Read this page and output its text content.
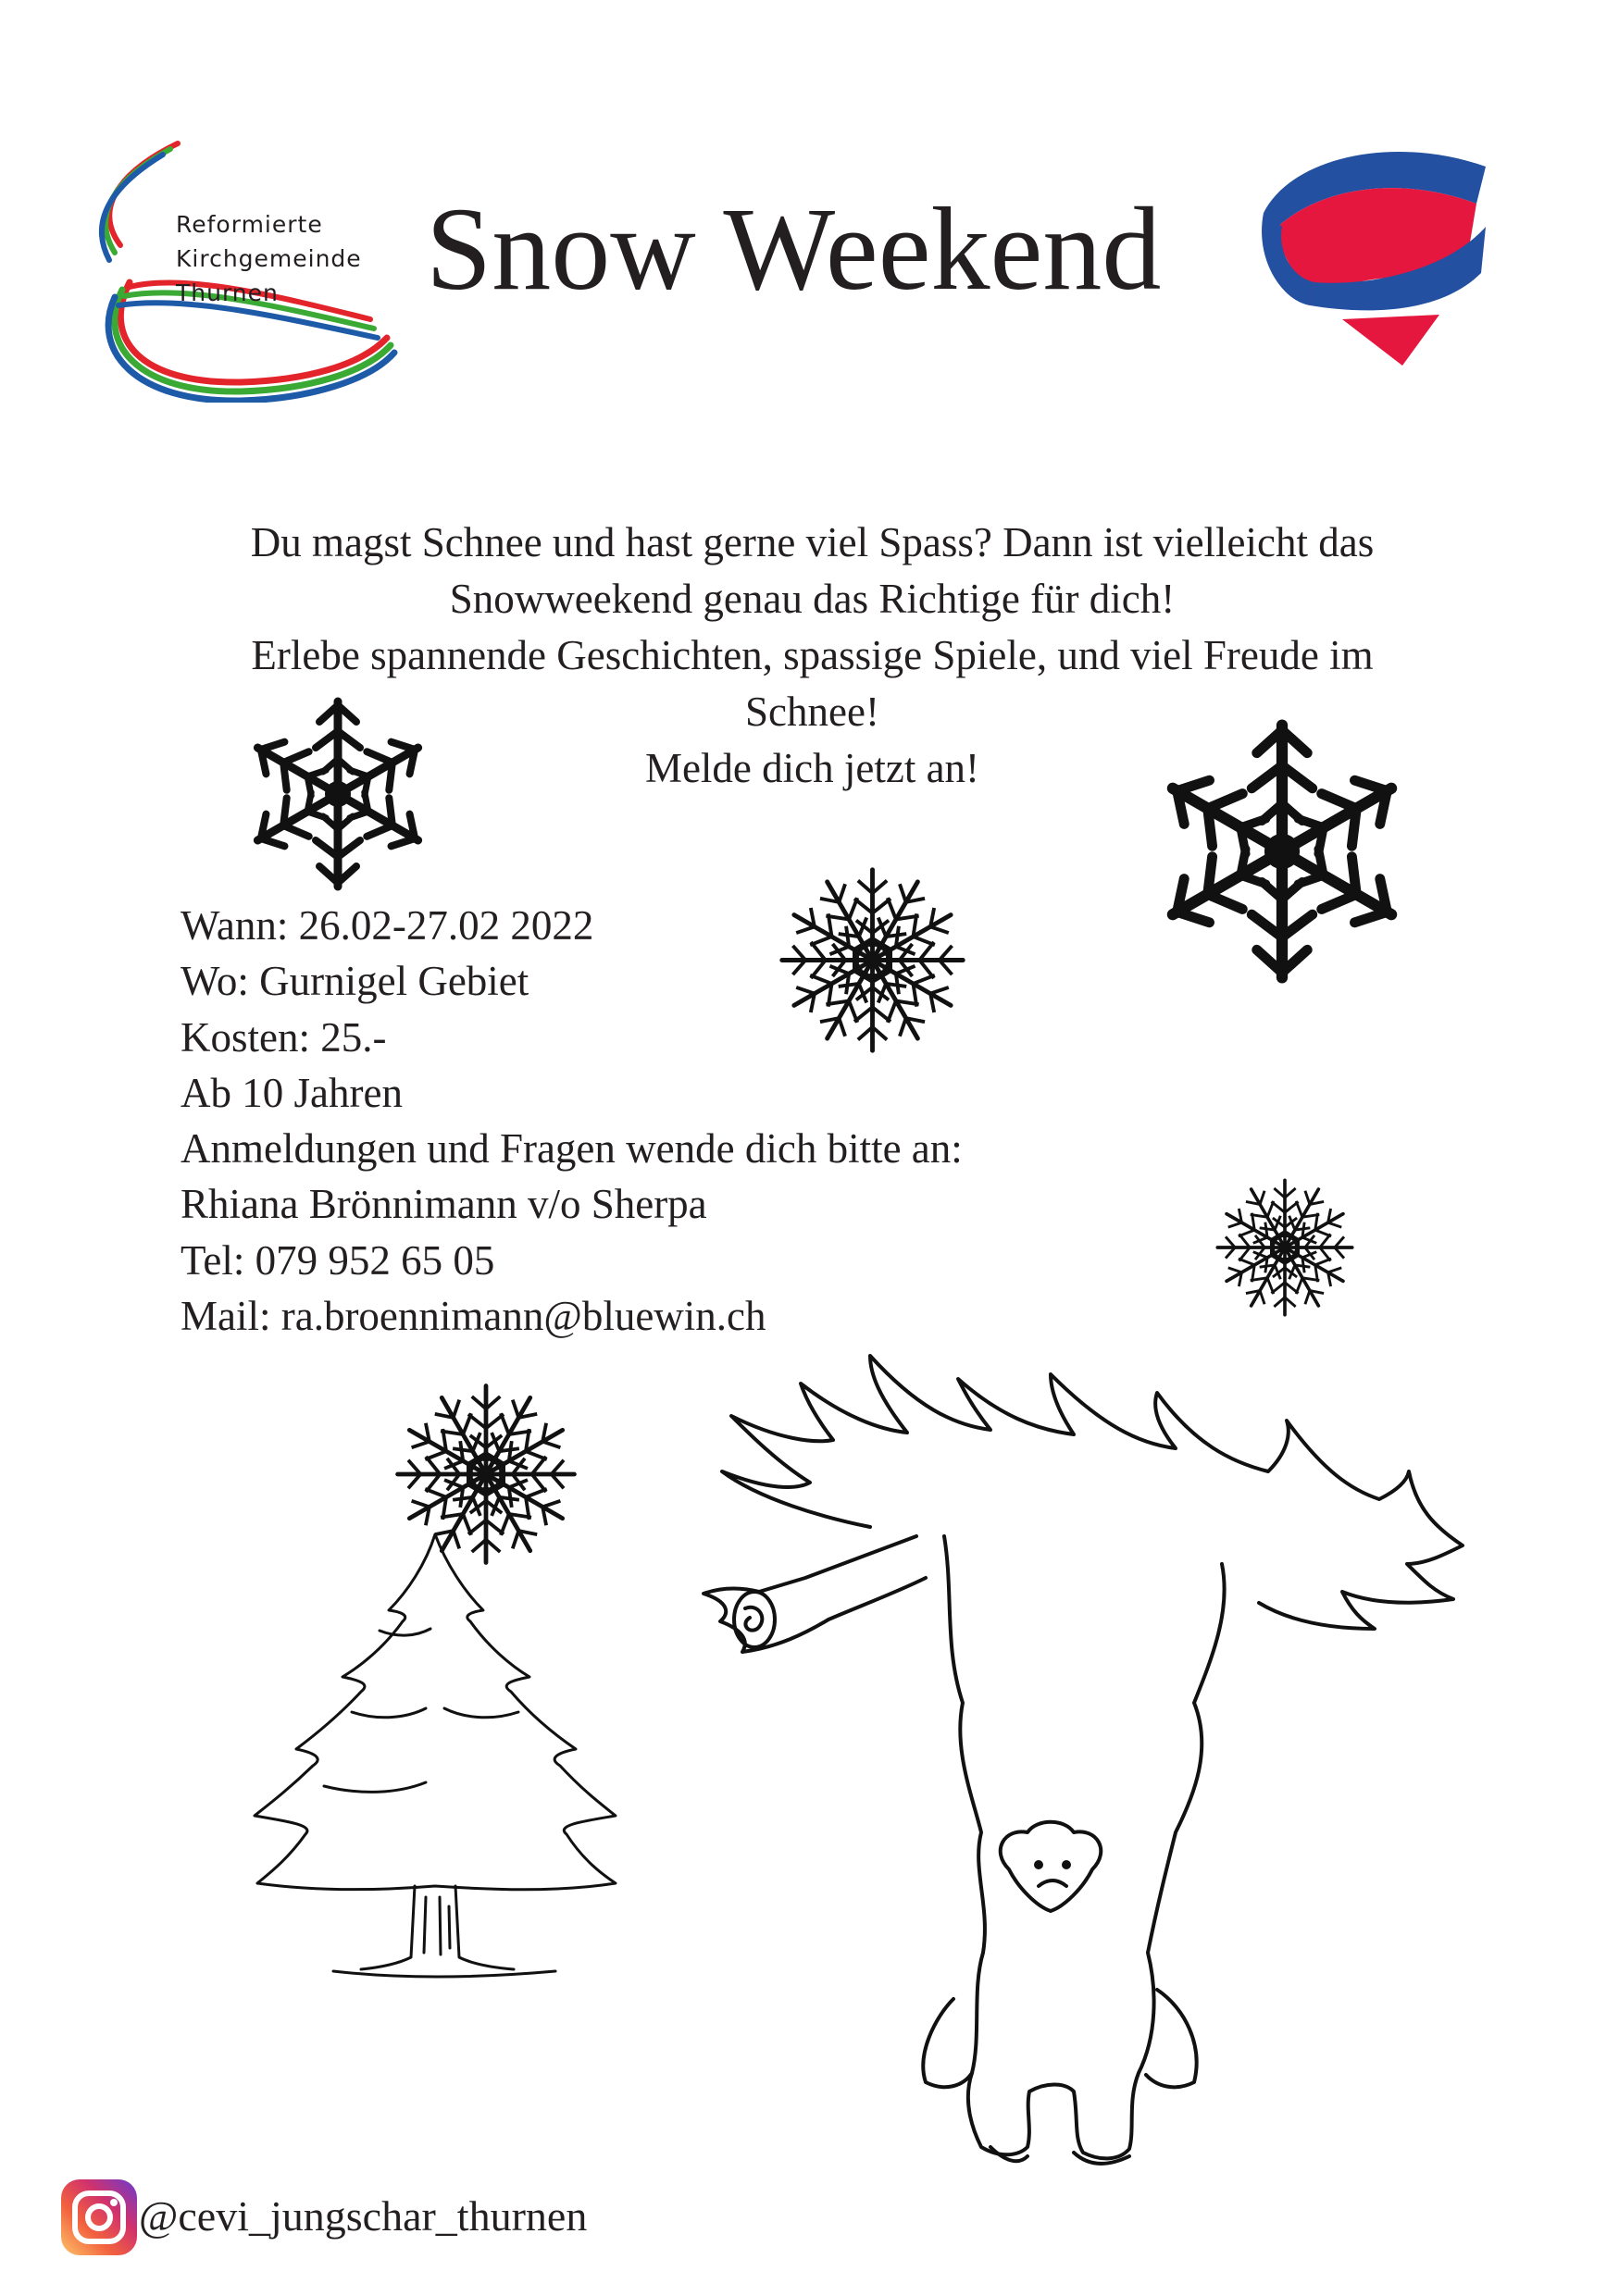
Reformierte
Kirchgemeinde
Thurnen Snow Weekend

Du magst Schnee und hast gerne viel Spass? Dann ist vielleicht das

Snowweekend genau das Richtige für dich!

Erlebe spannende Geschichten, spassige Spiele, und viel Freude im

Schnee!

Melde dich jetzt an!

Wann: 26.02-27.02 2022

Wo: Gurnigel Gebiet

Kosten: 25.-

Ab 10 Jahren

Anmeldungen und Fragen wende dich bitte an:

Rhiana Brönnimann v/o Sherpa

Tel: 079 952 65 05

Mail: ra.broennimann@bluewin.ch

@cevi_jungschar_thurnen
